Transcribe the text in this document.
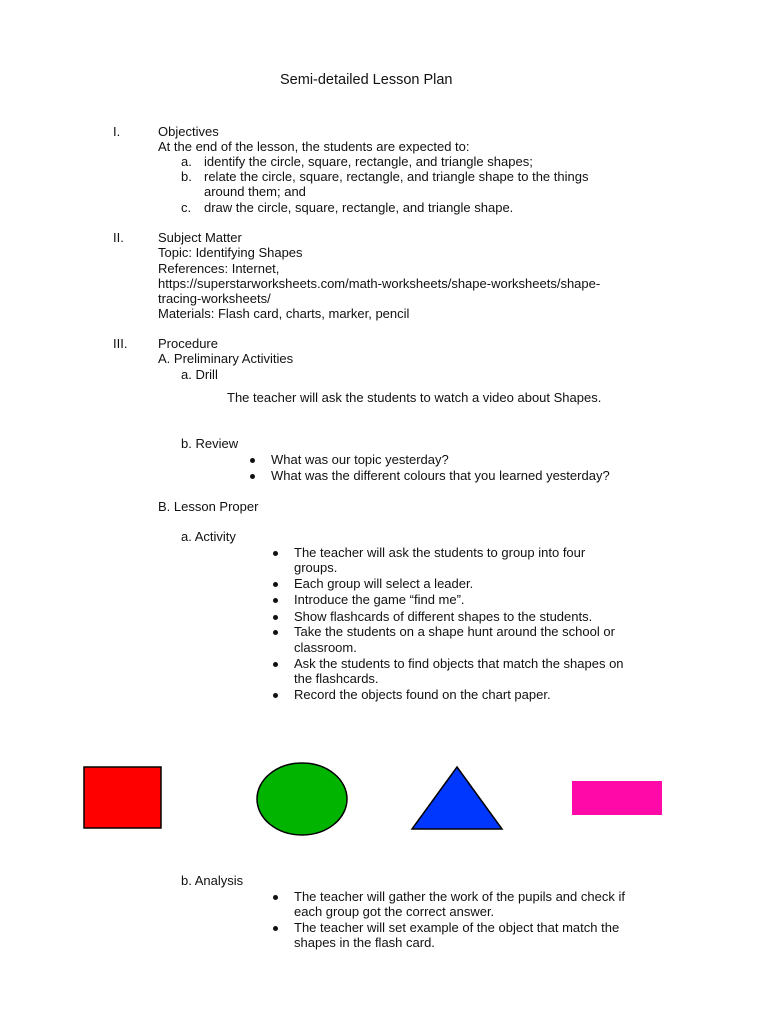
Semi-detailed Lesson Plan
I.	Objectives
At the end of the lesson, the students are expected to:
a. identify the circle, square, rectangle, and triangle shapes;
b. relate the circle, square, rectangle, and triangle shape to the things
around them; and
c. draw the circle, square, rectangle, and triangle shape.
II.	Subject Matter
Topic: Identifying Shapes
References: Internet,
https://superstarworksheets.com/math-worksheets/shape-worksheets/shape-
tracing-worksheets/
Materials: Flash card, charts, marker, pencil
III. Procedure
A. Preliminary Activities
a. Drill
The teacher will ask the students to watch a video about Shapes.
b. Review
What was our topic yesterday?
What was the different colours that you learned yesterday?
B. Lesson Proper
a. Activity
The teacher will ask the students to group into four
groups.
Each group will select a leader.
Introduce the game “find me”.
Show flashcards of different shapes to the students.
Take the students on a shape hunt around the school or
classroom.
Ask the students to find objects that match the shapes on
the flashcards.
Record the objects found on the chart paper.
b. Analysis
The teacher will gather the work of the pupils and check if
each group got the correct answer.
The teacher will set example of the object that match the
shapes in the flash card.
